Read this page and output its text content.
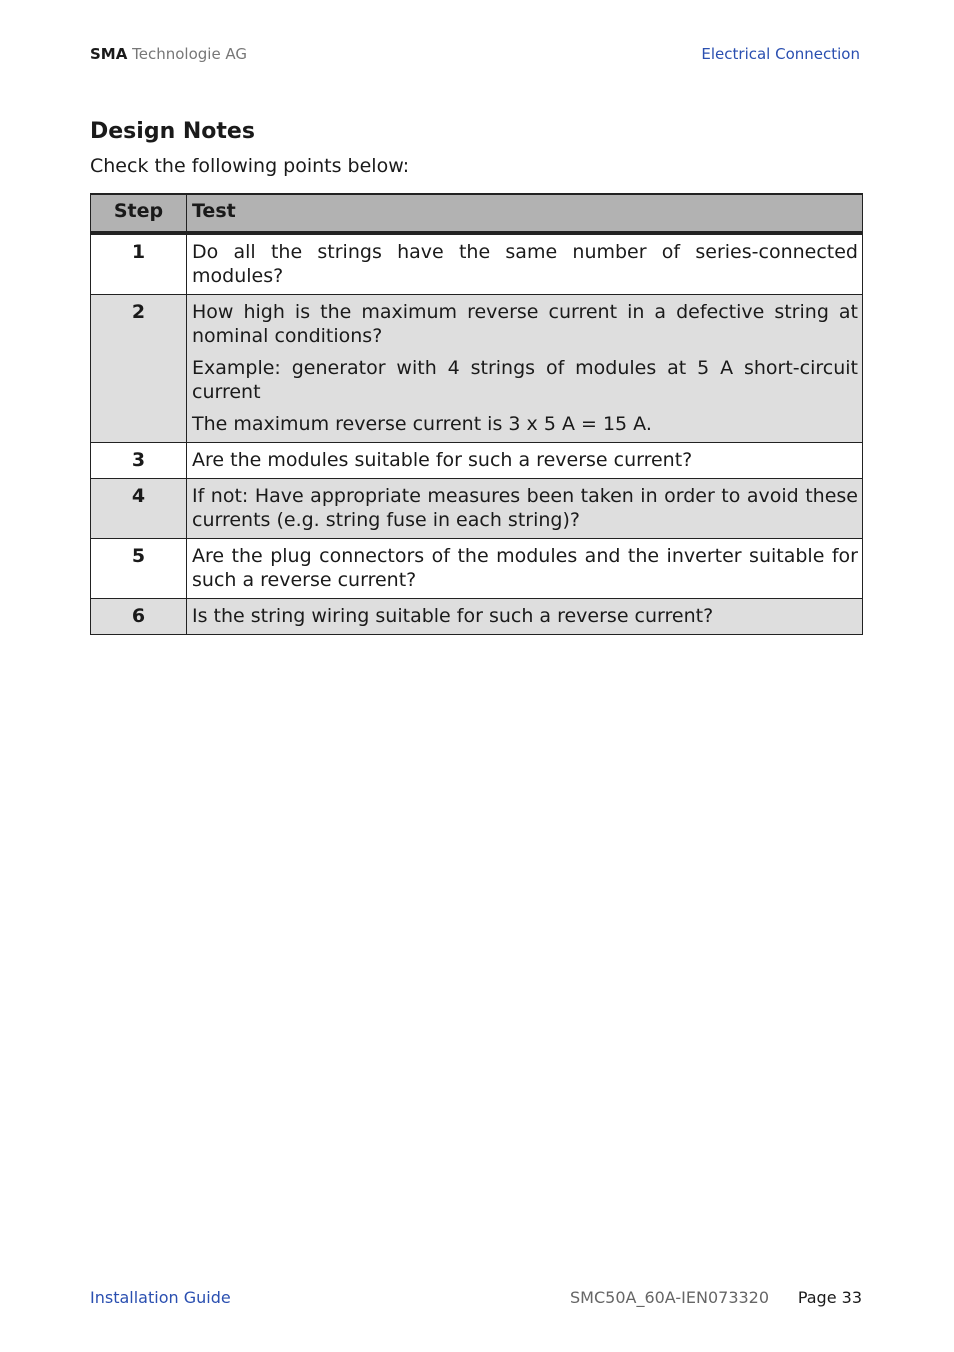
SMA Technologie AG	Electrical Connection
Design Notes

Check the following points below:

Step	Test
1	Do all the strings have the same number of series-connected modules?

2	How high is the maximum reverse current in a defective string at nominal conditions?

Example: generator with 4 strings of modules at 5 A short-circuit current

The maximum reverse current is 3 x 5 A = 15 A.

3	Are the modules suitable for such a reverse current?

4	If not: Have appropriate measures been taken in order to avoid these currents (e.g. string fuse in each string)?

5	Are the plug connectors of the modules and the inverter suitable for such a reverse current?

6	Is the string wiring suitable for such a reverse current?

Installation Guide	SMC50A_60A-IEN073320 Page 33
